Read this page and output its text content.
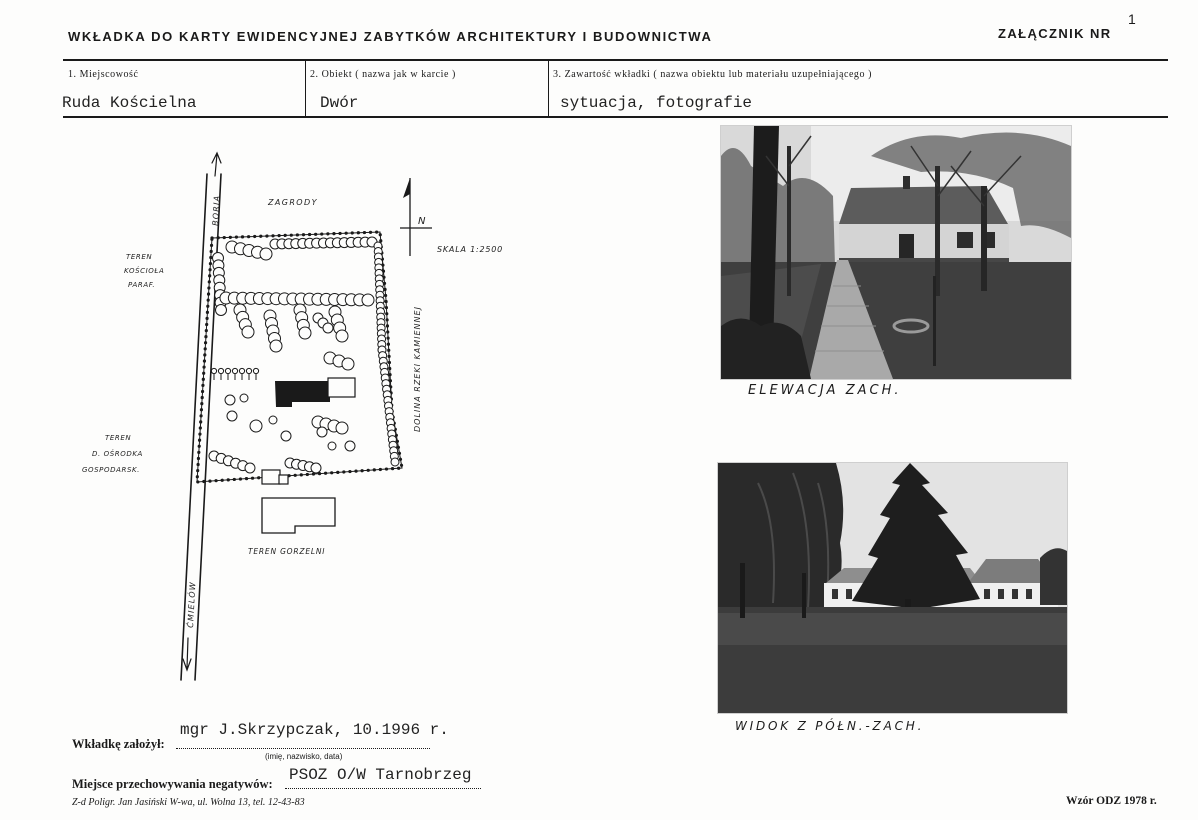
WKŁADKA DO KARTY EWIDENCYJNEJ ZABYTKÓW ARCHITEKTURY I BUDOWNICTWA	ZAŁĄCZNIK NR
1
1. Miejscowość	2. Obiekt ( nazwa jak w karcie )	3. Zawartość wkładki ( nazwa obiektu lub materiału uzupełniającego )
Ruda Kościelna	Dwór	sytuacja, fotografie
BORIA
ĆMIELÓW
ZAGRODY
N
SKALA 1:2500
TEREN
KOŚCIOŁA
PARAF.
TEREN
D. OŚRODKA
GOSPODARSK.
DOLINA RZEKI KAMIENNEJ
TEREN GORZELNI
ELEWACJA ZACH.
WIDOK Z PÓŁN.-ZACH.
mgr J.Skrzypczak, 10.1996 r.
Wkładkę założył:
(imię, nazwisko, data)
PSOZ O/W Tarnobrzeg
Miejsce przechowywania negatywów:
Z-d Poligr. Jan Jasiński W-wa, ul. Wolna 13, tel. 12-43-83	Wzór ODZ 1978 r.
